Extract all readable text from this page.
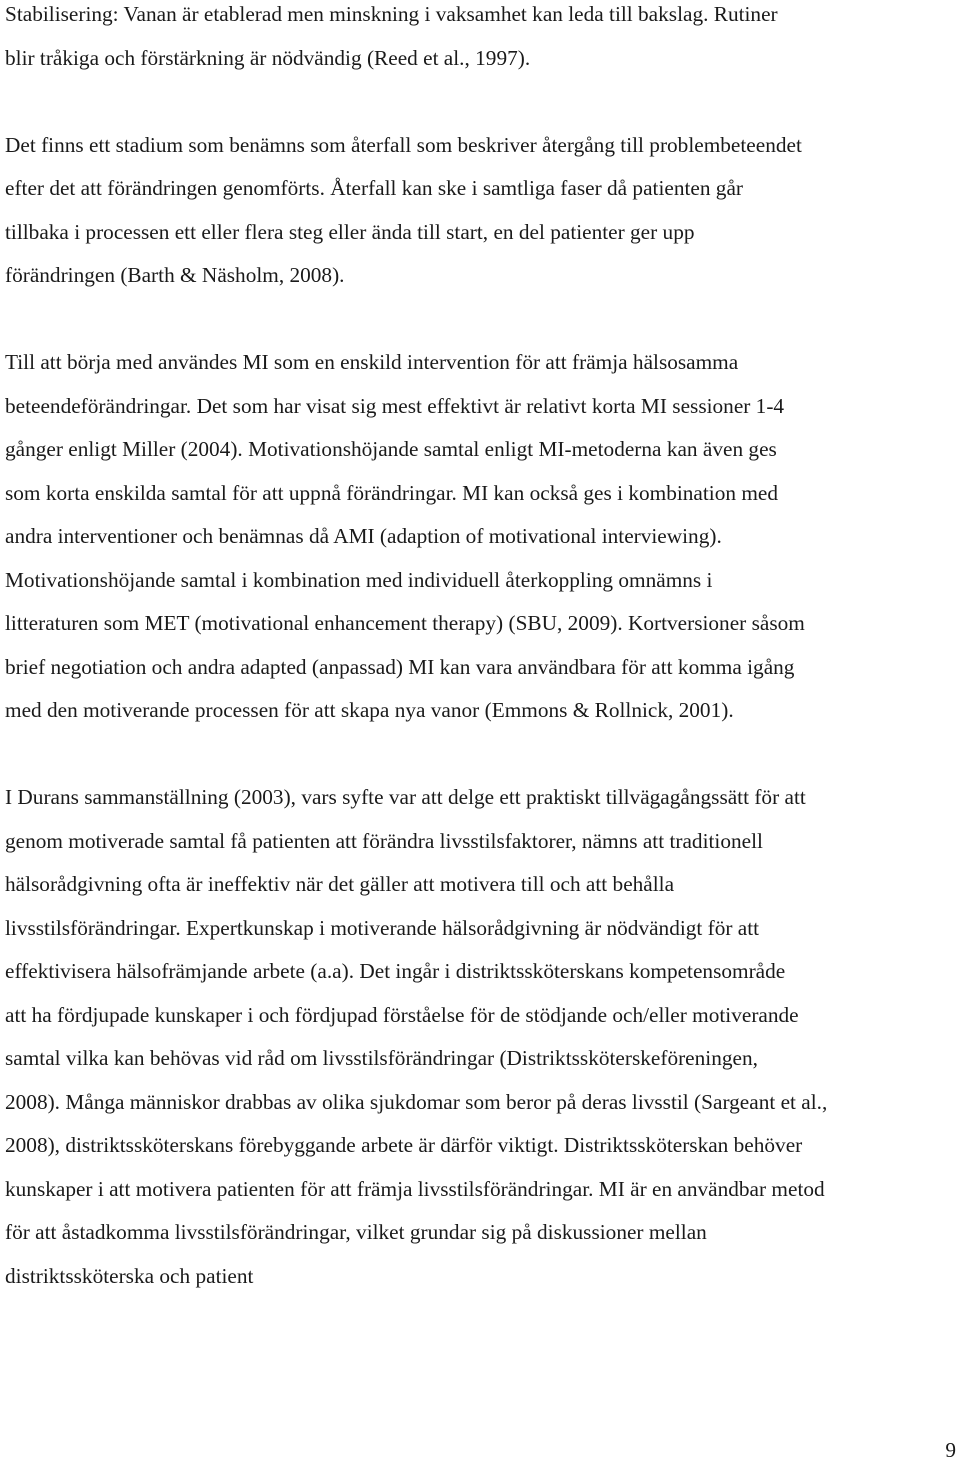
Stabilisering: Vanan är etablerad men minskning i vaksamhet kan leda till bakslag. Rutiner
blir tråkiga och förstärkning är nödvändig (Reed et al., 1997).
Det finns ett stadium som benämns som återfall som beskriver återgång till problembeteendet
efter det att förändringen genomförts. Återfall kan ske i samtliga faser då patienten går
tillbaka i processen ett eller flera steg eller ända till start, en del patienter ger upp
förändringen (Barth & Näsholm, 2008).
Till att börja med användes MI som en enskild intervention för att främja hälsosamma
beteendeförändringar. Det som har visat sig mest effektivt är relativt korta MI sessioner 1-4
gånger enligt Miller (2004). Motivationshöjande samtal enligt MI-metoderna kan även ges
som korta enskilda samtal för att uppnå förändringar. MI kan också ges i kombination med
andra interventioner och benämnas då AMI (adaption of motivational interviewing).
Motivationshöjande samtal i kombination med individuell återkoppling omnämns i
litteraturen som MET (motivational enhancement therapy) (SBU, 2009). Kortversioner såsom
brief negotiation och andra adapted (anpassad) MI kan vara användbara för att komma igång
med den motiverande processen för att skapa nya vanor (Emmons & Rollnick, 2001).
I Durans sammanställning (2003), vars syfte var att delge ett praktiskt tillvägagångssätt för att
genom motiverade samtal få patienten att förändra livsstilsfaktorer, nämns att traditionell
hälsorådgivning ofta är ineffektiv när det gäller att motivera till och att behålla
livsstilsförändringar. Expertkunskap i motiverande hälsorådgivning är nödvändigt för att
effektivisera hälsofrämjande arbete (a.a). Det ingår i distriktssköterskans kompetensområde
att ha fördjupade kunskaper i och fördjupad förståelse för de stödjande och/eller motiverande
samtal vilka kan behövas vid råd om livsstilsförändringar (Distriktssköterskeföreningen,
2008). Många människor drabbas av olika sjukdomar som beror på deras livsstil (Sargeant et al.,
2008), distriktssköterskans förebyggande arbete är därför viktigt. Distriktssköterskan behöver
kunskaper i att motivera patienten för att främja livsstilsförändringar. MI är en användbar metod
för att åstadkomma livsstilsförändringar, vilket grundar sig på diskussioner mellan
distriktssköterska och patient
9
